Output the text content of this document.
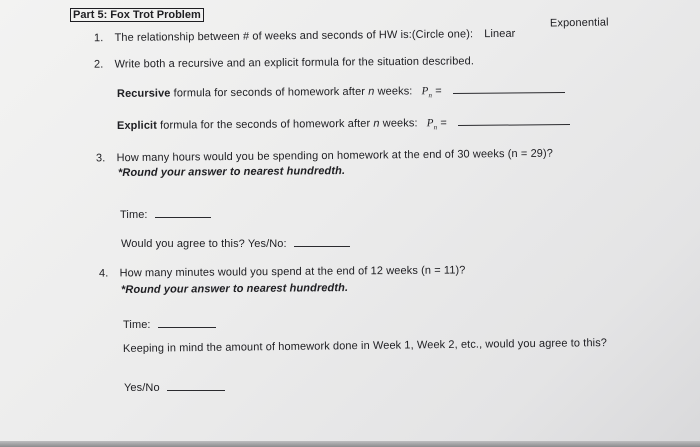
Part 5: Fox Trot Problem
1. The relationship between # of weeks and seconds of HW is:(Circle one): Linear
Exponential
2. Write both a recursive and an explicit formula for the situation described.
Recursive formula for seconds of homework after n weeks: $P_n$ =
Explicit formula for the seconds of homework after n weeks: $P_n$ =
3. How many hours would you be spending on homework at the end of 30 weeks (n = 29)?
*Round your answer to nearest hundredth.
Time:
Would you agree to this? Yes/No:
4. How many minutes would you spend at the end of 12 weeks (n = 11)?
*Round your answer to nearest hundredth.
Time:
Keeping in mind the amount of homework done in Week 1, Week 2, etc., would you agree to this?
Yes/No
